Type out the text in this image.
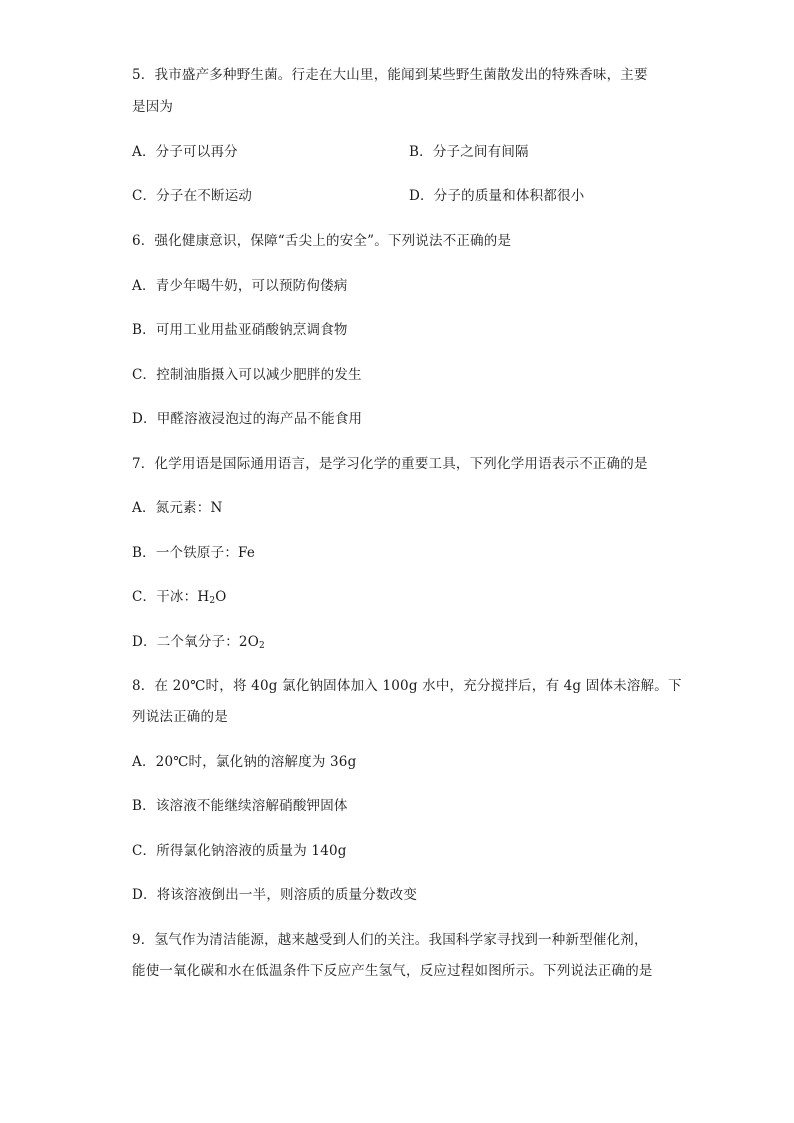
5．我市盛产多种野生菌。行走在大山里，能闻到某些野生菌散发出的特殊香味，主要
是因为
A．分子可以再分	B．分子之间有间隔
C．分子在不断运动	D．分子的质量和体积都很小
6．强化健康意识，保障“舌尖上的安全”。下列说法不正确的是
A．青少年喝牛奶，可以预防佝偻病
B．可用工业用盐亚硝酸钠烹调食物
C．控制油脂摄入可以减少肥胖的发生
D．甲醛溶液浸泡过的海产品不能食用
7．化学用语是国际通用语言，是学习化学的重要工具，下列化学用语表示不正确的是
A．氮元素：N
B．一个铁原子：Fe
C．干冰：$H_2O$
D．二个氧分子：$2O_2$
8．在 20℃时，将 40g 氯化钠固体加入 100g 水中，充分搅拌后，有 4g 固体未溶解。下
列说法正确的是
A．20℃时，氯化钠的溶解度为 36g
B．该溶液不能继续溶解硝酸钾固体
C．所得氯化钠溶液的质量为 140g
D．将该溶液倒出一半，则溶质的质量分数改变
9．氢气作为清洁能源，越来越受到人们的关注。我国科学家寻找到一种新型催化剂，
能使一氧化碳和水在低温条件下反应产生氢气，反应过程如图所示。下列说法正确的是
